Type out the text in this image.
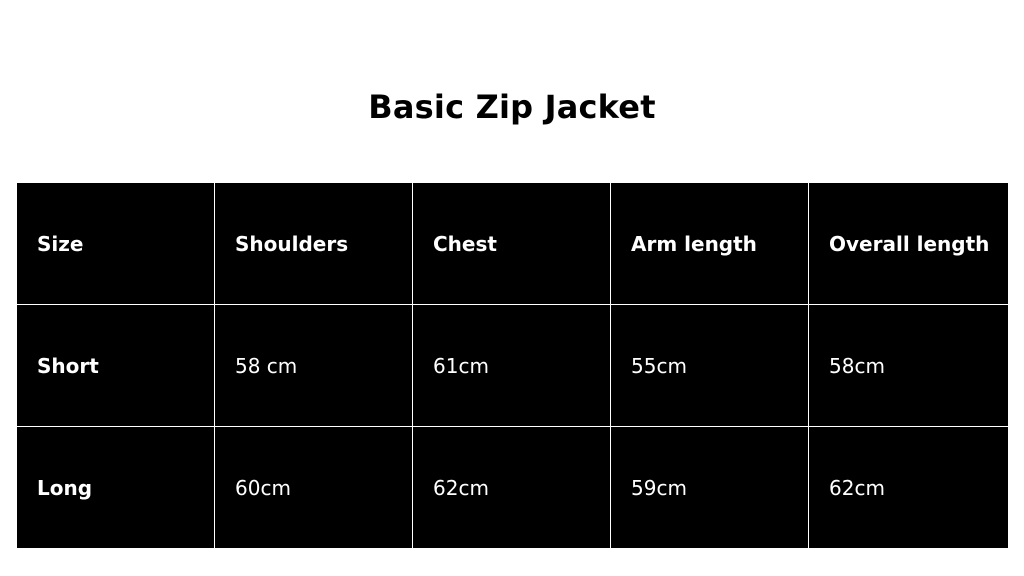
Basic Zip Jacket
Size	Shoulders	Chest	Arm length	Overall length
Short	58 cm	61cm	55cm	58cm
Long	60cm	62cm	59cm	62cm
